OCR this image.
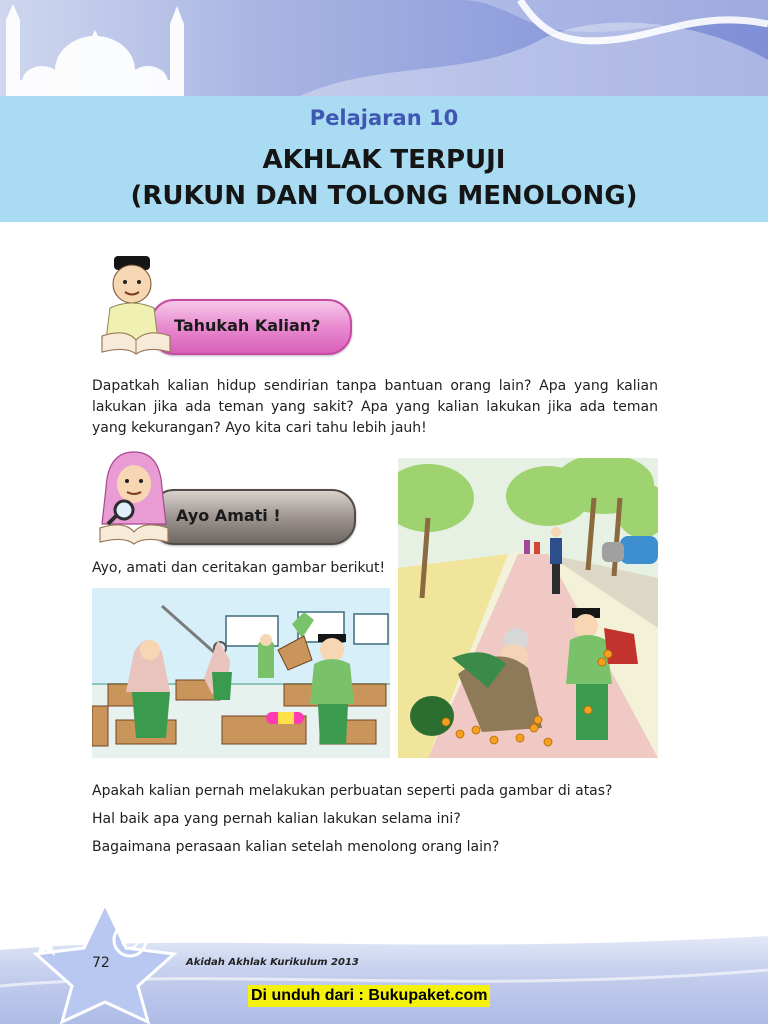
Pelajaran 10
AKHLAK TERPUJI
(RUKUN DAN TOLONG MENOLONG)
Tahukah Kalian?
Dapatkah kalian hidup sendirian tanpa bantuan orang lain? Apa yang kalian lakukan jika ada teman yang sakit? Apa yang kalian lakukan jika ada teman yang kekurangan? Ayo kita cari tahu lebih jauh!
Ayo Amati !
Ayo, amati dan ceritakan gambar berikut!
Apakah kalian pernah melakukan perbuatan seperti pada gambar di atas?
Hal baik apa yang pernah kalian lakukan selama ini?
Bagaimana perasaan kalian setelah menolong orang lain?
72	Akidah Akhlak Kurikulum 2013
Di unduh dari : Bukupaket.com
